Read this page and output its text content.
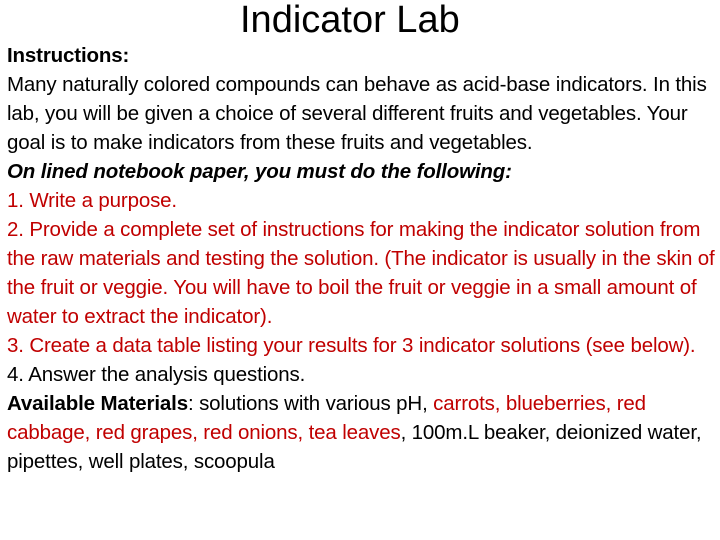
Indicator Lab

Instructions:

Many naturally colored compounds can behave as acid-base indicators. In this lab, you will be given a choice of several different fruits and vegetables. Your goal is to make indicators from these fruits and vegetables.

On lined notebook paper, you must do the following:

1. Write a purpose.

2. Provide a complete set of instructions for making the indicator solution from the raw materials and testing the solution. (The indicator is usually in the skin of the fruit or veggie. You will have to boil the fruit or veggie in a small amount of water to extract the indicator).

3. Create a data table listing your results for 3 indicator solutions (see below).

4. Answer the analysis questions.

Available Materials: solutions with various pH, carrots, blueberries, red cabbage, red grapes, red onions, tea leaves, 100m.L beaker, deionized water, pipettes, well plates, scoopula
